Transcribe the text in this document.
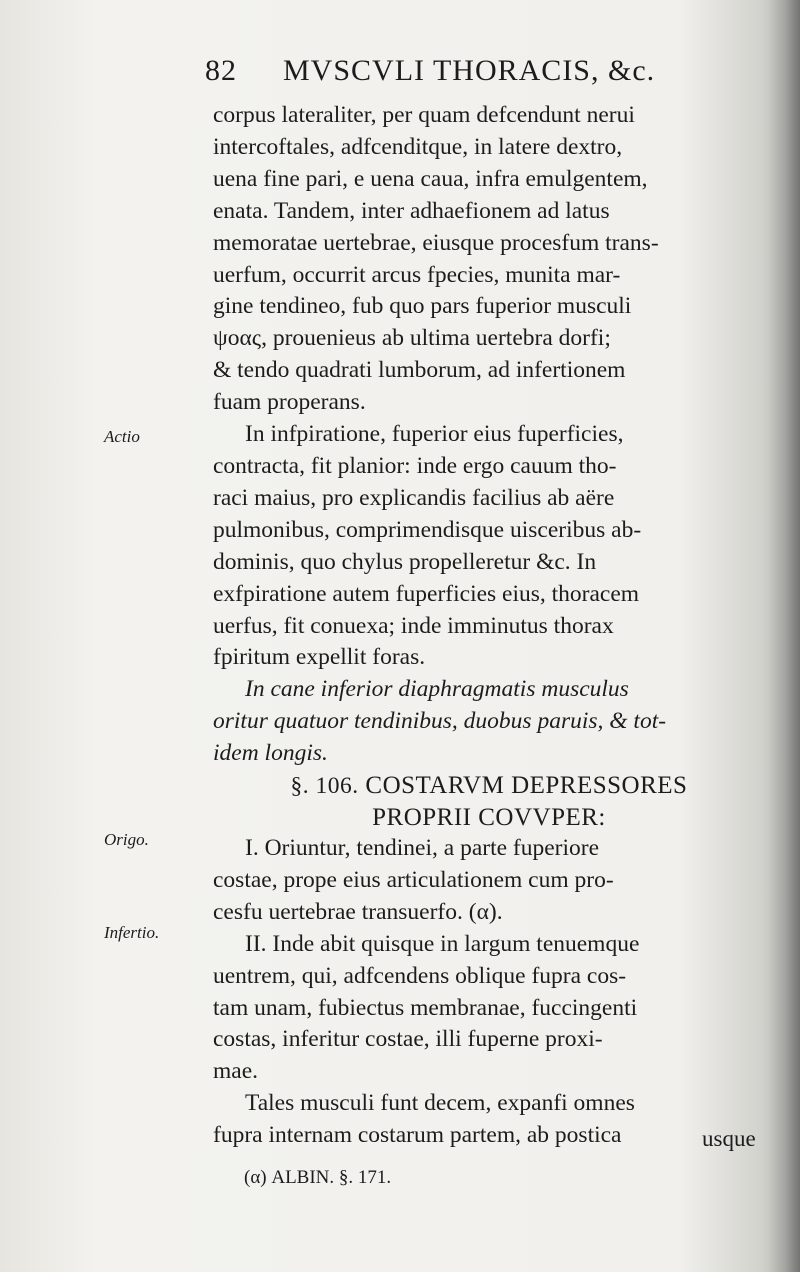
82 MVSCVLI THORACIS, &c.
Actio
Origo.
Infertio.

corpus lateraliter, per quam defcendunt nerui

intercoftales, adfcenditque, in latere dextro,

uena fine pari, e uena caua, infra emulgentem,

enata. Tandem, inter adhaefionem ad latus

memoratae uertebrae, eiusque procesfum trans-

uerfum, occurrit arcus fpecies, munita mar-

gine tendineo, fub quo pars fuperior musculi

ψοας, prouenieus ab ultima uertebra dorfi;

& tendo quadrati lumborum, ad infertionem

fuam properans.

In infpiratione, fuperior eius fuperficies,

contracta, fit planior: inde ergo cauum tho-

raci maius, pro explicandis facilius ab aëre

pulmonibus, comprimendisque uisceribus ab-

dominis, quo chylus propelleretur &c. In

exfpiratione autem fuperficies eius, thoracem

uerfus, fit conuexa; inde imminutus thorax

fpiritum expellit foras.

In cane inferior diaphragmatis musculus

oritur quatuor tendinibus, duobus paruis, & tot-

idem longis.

§. 106. COSTARVM DEPRESSORES

PROPRII COVVPER:

I. Oriuntur, tendinei, a parte fuperiore

costae, prope eius articulationem cum pro-

cesfu uertebrae transuerfo. (α).

II. Inde abit quisque in largum tenuemque

uentrem, qui, adfcendens oblique fupra cos-

tam unam, fubiectus membranae, fuccingenti

costas, inferitur costae, illi fuperne proxi-

mae.

Tales musculi funt decem, expanfi omnes

fupra internam costarum partem, ab postica	usque
(α) ALBIN. §. 171.
